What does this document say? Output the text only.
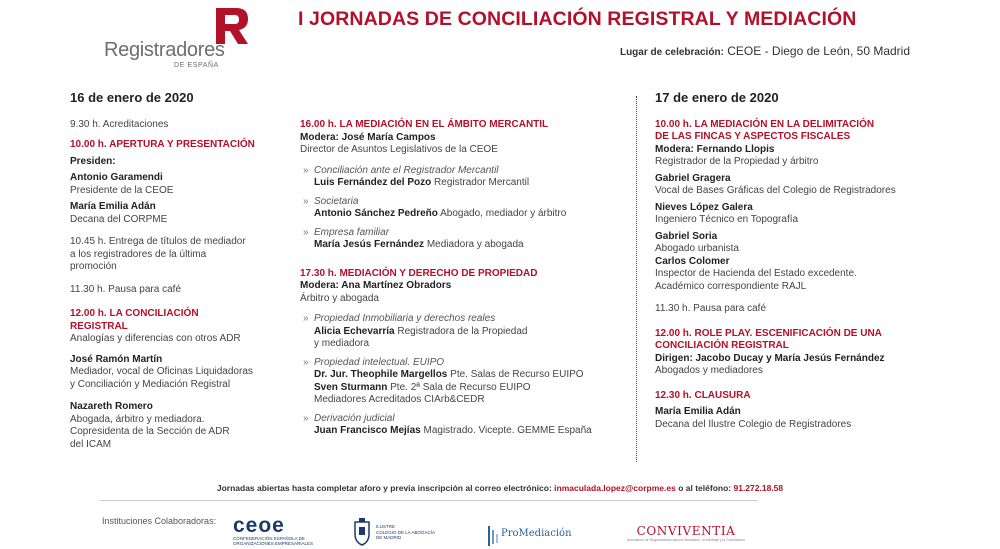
Registradores
DE ESPAÑA
I JORNADAS DE CONCILIACIÓN REGISTRAL Y MEDIACIÓN
Lugar de celebración: CEOE - Diego de León, 50 Madrid
16 de enero de 2020
9.30 h. Acreditaciones
10.00 h. APERTURA Y PRESENTACIÓN
Presiden:
Antonio Garamendi
Presidente de la CEOE
María Emilia Adán
Decana del CORPME
10.45 h. Entrega de títulos de mediador
a los registradores de la última
promoción
11.30 h. Pausa para café
12.00 h. LA CONCILIACIÓN
REGISTRAL
Analogías y diferencias con otros ADR
José Ramón Martín
Mediador, vocal de Oficinas Liquidadoras
y Conciliación y Mediación Registral
Nazareth Romero
Abogada, árbitro y mediadora.
Copresidenta de la Sección de ADR
del ICAM
16.00 h. LA MEDIACIÓN EN EL ÁMBITO MERCANTIL
Modera: José María Campos
Director de Asuntos Legislativos de la CEOE
» Conciliación ante el Registrador Mercantil
Luis Fernández del Pozo Registrador Mercantil
» Societaria
Antonio Sánchez Pedreño Abogado, mediador y árbitro
» Empresa familiar
María Jesús Fernández Mediadora y abogada
17.30 h. MEDIACIÓN Y DERECHO DE PROPIEDAD
Modera: Ana Martínez Obradors
Árbitro y abogada
» Propiedad Inmobiliaria y derechos reales
Alicia Echevarría Registradora de la Propiedad
y mediadora
» Propiedad intelectual. EUIPO
Dr. Jur. Theophile Margellos Pte. Salas de Recurso EUIPO
Sven Sturmann Pte. 2ª Sala de Recurso EUIPO
Mediadores Acreditados CIArb&CEDR
» Derivación judicial
Juan Francisco Mejías Magistrado. Vicepte. GEMME España
17 de enero de 2020
10.00 h. LA MEDIACIÓN EN LA DELIMITACIÓN
DE LAS FINCAS Y ASPECTOS FISCALES
Modera: Fernando Llopis
Registrador de la Propiedad y árbitro
Gabriel Gragera
Vocal de Bases Gráficas del Colegio de Registradores
Nieves López Galera
Ingeniero Técnico en Topografía
Gabriel Soria
Abogado urbanista
Carlos Colomer
Inspector de Hacienda del Estado excedente.
Académico correspondiente RAJL
11.30 h. Pausa para café
12.00 h. ROLE PLAY. ESCENIFICACIÓN DE UNA
CONCILIACIÓN REGISTRAL
Dirigen: Jacobo Ducay y María Jesús Fernández
Abogados y mediadores
12.30 h. CLAUSURA
María Emilia Adán
Decana del Ilustre Colegio de Registradores
Jornadas abiertas hasta completar aforo y previa inscripción al correo electrónico: inmaculada.lopez@corpme.es o al teléfono: 91.272.18.58
Instituciones Colaboradoras: ceoe
CONFEDERACIÓN ESPAÑOLA DE
ORGANIZACIONES EMPRESARIALES
ILUSTRE
COLEGIO DE LA ABOGACÍA
DE MADRID	ProMediación	CONVIVENTIA
Asociación de Registradores para la Mediación, el Arbitraje y la Conciliación
